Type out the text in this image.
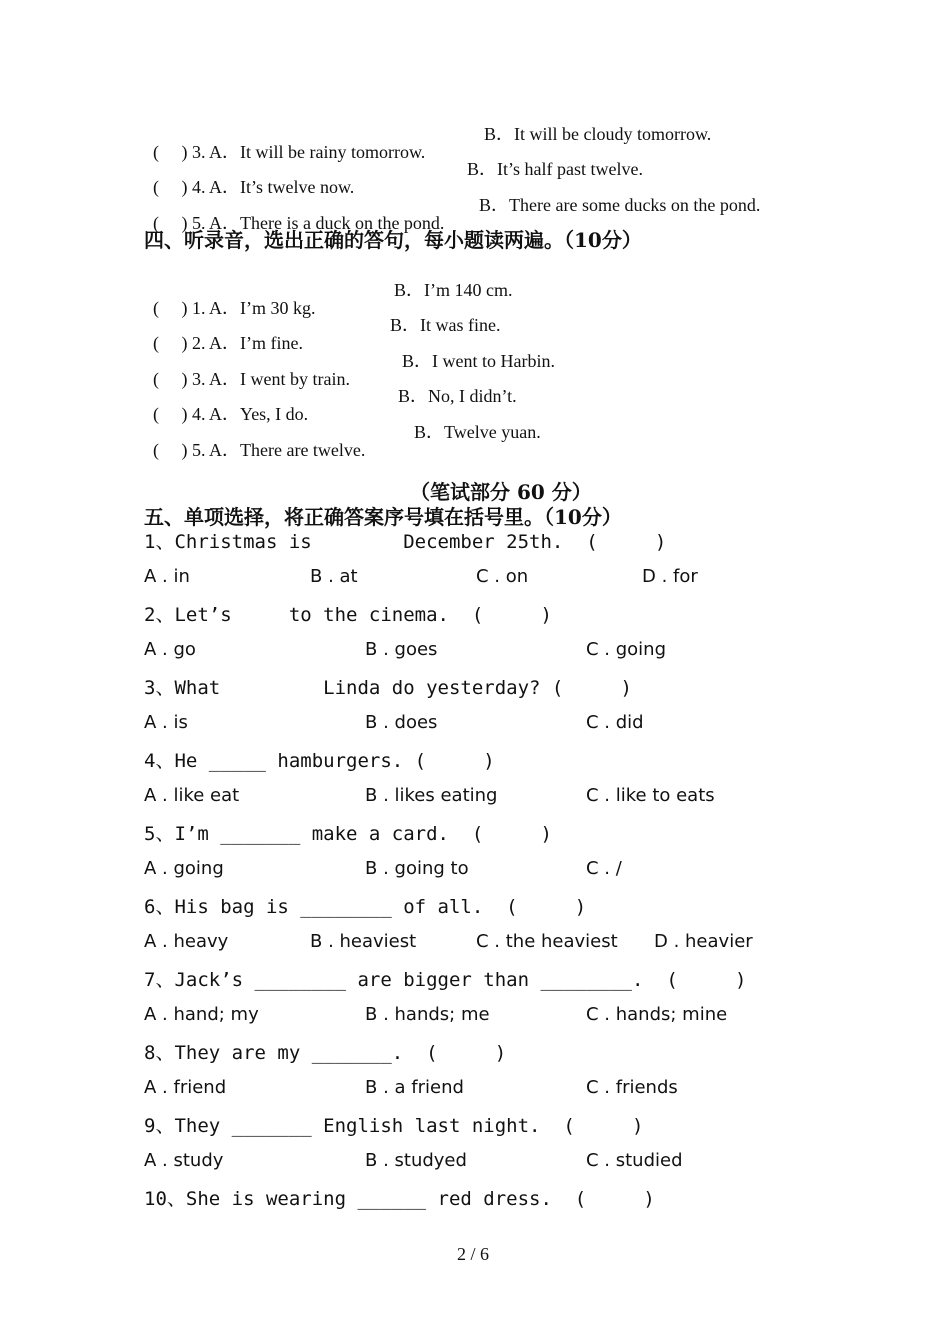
(     ) 3. A．It will be rainy tomorrow.

B．It will be cloudy tomorrow.

(     ) 4. A．It’s twelve now.

B．It’s half past twelve.

(     ) 5. A．There is a duck on the pond.

B．There are some ducks on the pond.

四、听录音，选出正确的答句，每小题读两遍。（10分）

(     ) 1. A．I’m 30 kg.

B．I’m 140 cm.

(     ) 2. A．I’m fine.

B．It was fine.

(     ) 3. A．I went by train.

B．I went to Harbin.

(     ) 4. A．Yes, I do.

B．No, I didn’t.

(     ) 5. A．There are twelve.

B．Twelve yuan.

（笔试部分 60 分）
五、单项选择，将正确答案序号填在括号里。（10分）
1、Christmas is        December 25th.  (     )

A . in

	B . at

	C . on

	D . for

2、Let’s     to the cinema.  (     )

A . go

	B . goes

	C . going

3、What         Linda do yesterday? (     )

A . is

	B . does

	C . did

4、He _____ hamburgers. (     )

A . like eat

	B . likes eating

	C . like to eats

5、I’m _______ make a card.  (     )

A . going

	B . going to

	C . /

6、His bag is ________ of all.  (     )

A . heavy

	B . heaviest

	C . the heaviest

D . heavier

7、Jack’s ________ are bigger than ________.  (     )

A . hand; my

	B . hands; me

	C . hands; mine

8、They are my _______.  (     )

A . friend

	B . a friend

	C . friends

9、They _______ English last night.  (     )

A . study

	B . studyed

	C . studied

10、She is wearing ______ red dress.  (     )
2 / 6
